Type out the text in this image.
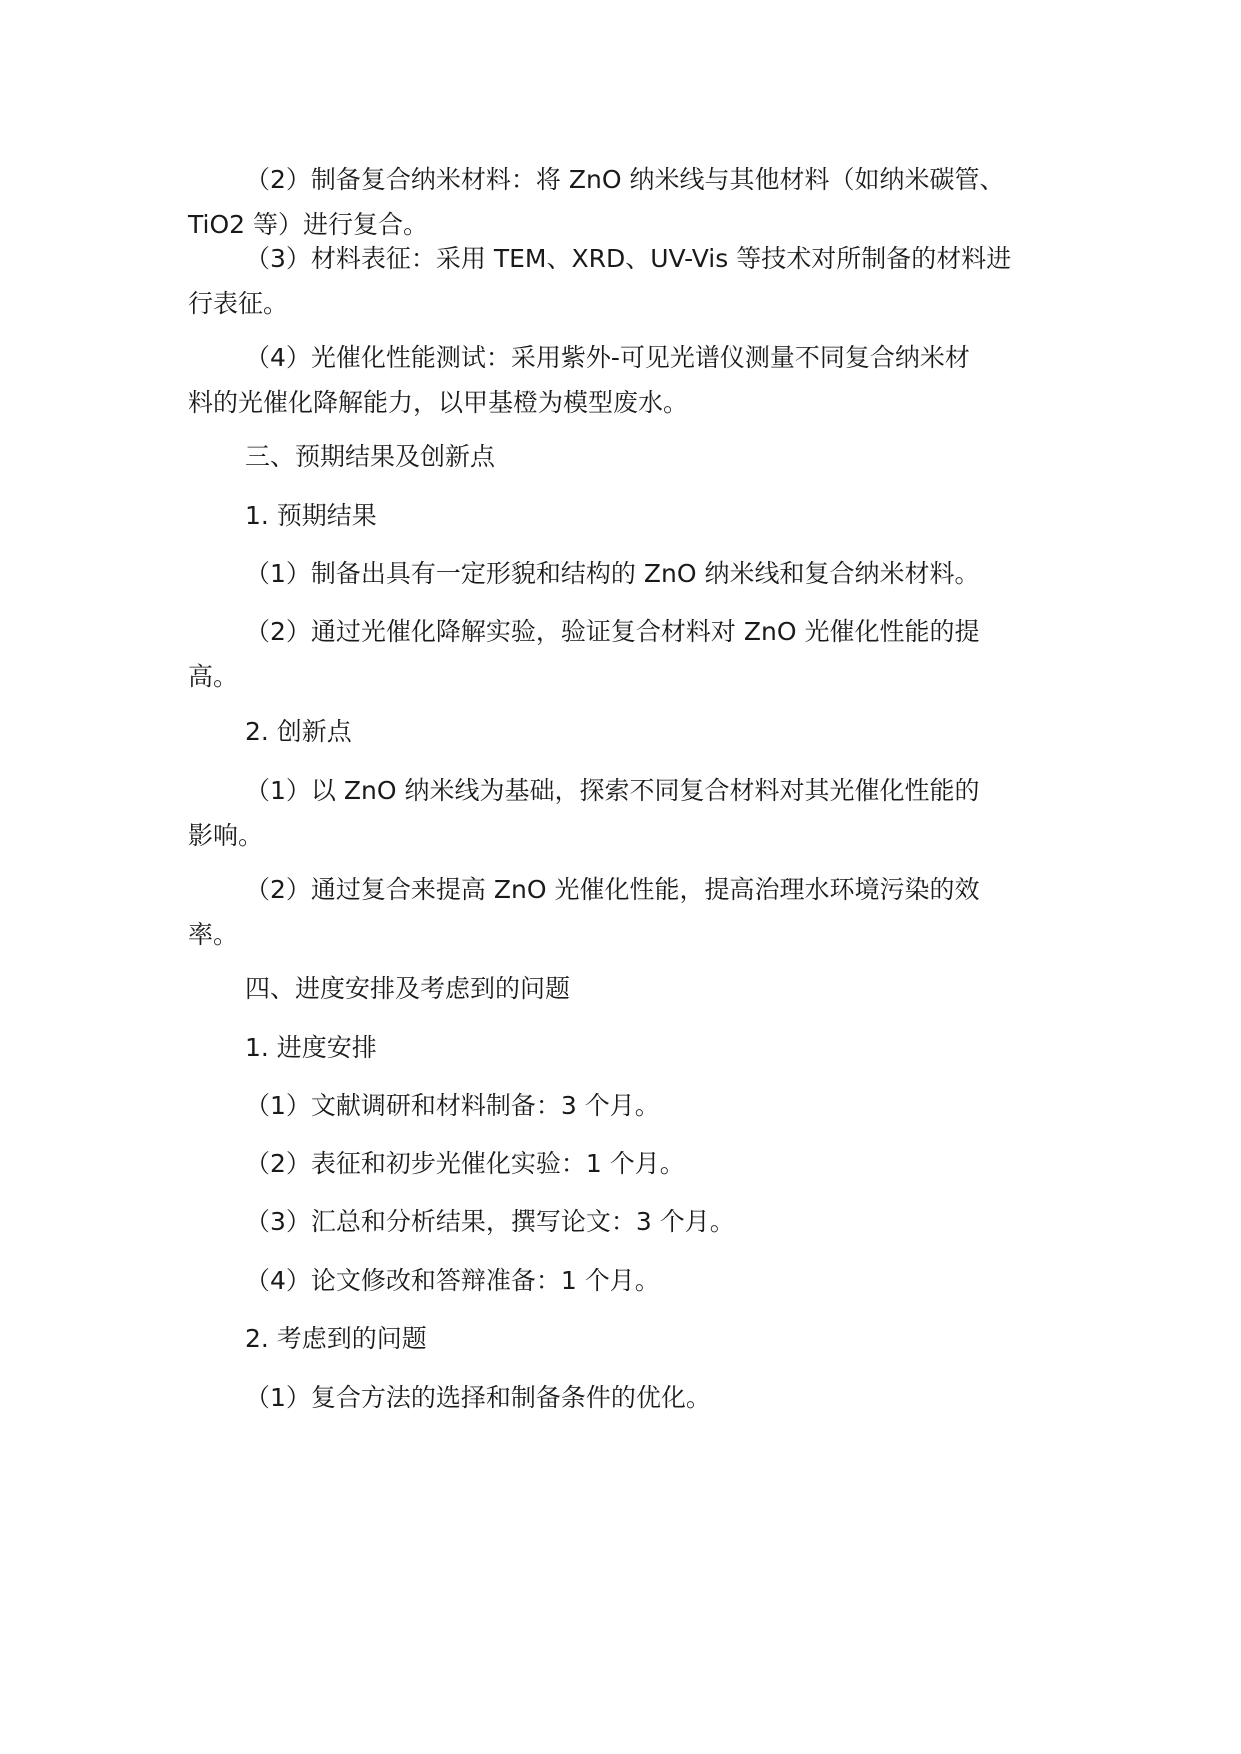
（2）制备复合纳米材料：将 ZnO 纳米线与其他材料（如纳米碳管、
TiO2 等）进行复合。
（3）材料表征：采用 TEM、XRD、UV-Vis 等技术对所制备的材料进
行表征。
（4）光催化性能测试：采用紫外-可见光谱仪测量不同复合纳米材
料的光催化降解能力，以甲基橙为模型废水。
三、预期结果及创新点
1. 预期结果
（1）制备出具有一定形貌和结构的 ZnO 纳米线和复合纳米材料。
（2）通过光催化降解实验，验证复合材料对 ZnO 光催化性能的提
高。
2. 创新点
（1）以 ZnO 纳米线为基础，探索不同复合材料对其光催化性能的
影响。
（2）通过复合来提高 ZnO 光催化性能，提高治理水环境污染的效
率。
四、进度安排及考虑到的问题
1. 进度安排
（1）文献调研和材料制备：3 个月。
（2）表征和初步光催化实验：1 个月。
（3）汇总和分析结果，撰写论文：3 个月。
（4）论文修改和答辩准备：1 个月。
2. 考虑到的问题
（1）复合方法的选择和制备条件的优化。
